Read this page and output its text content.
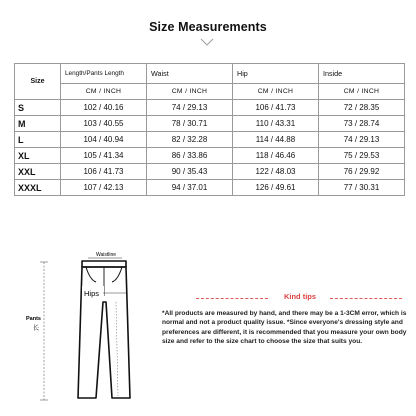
Size Measurements
Size	Length/Pants Length	Waist	Hip	Inside
	CM / INCH	CM / INCH	CM / INCH	CM / INCH
S	102 / 40.16	74 / 29.13	106 / 41.73	72 / 28.35
M	103 / 40.55	78 / 30.71	110 / 43.31	73 / 28.74
L	104 / 40.94	82 / 32.28	114 / 44.88	74 / 29.13
XL	105 / 41.34	86 / 33.86	118 / 46.46	75 / 29.53
XXL	106 / 41.73	90 / 35.43	122 / 48.03	76 / 29.92
XXXL	107 / 42.13	94 / 37.01	126 / 49.61	77 / 30.31
Waistline
Hips
Pants
长
Kind tips
*All products are measured by hand, and there may be a 1-3CM error, which is normal and not a product quality issue. *Since everyone's dressing style and preferences are different, it is recommended that you measure your own body size and refer to the size chart to choose the size that suits you.
